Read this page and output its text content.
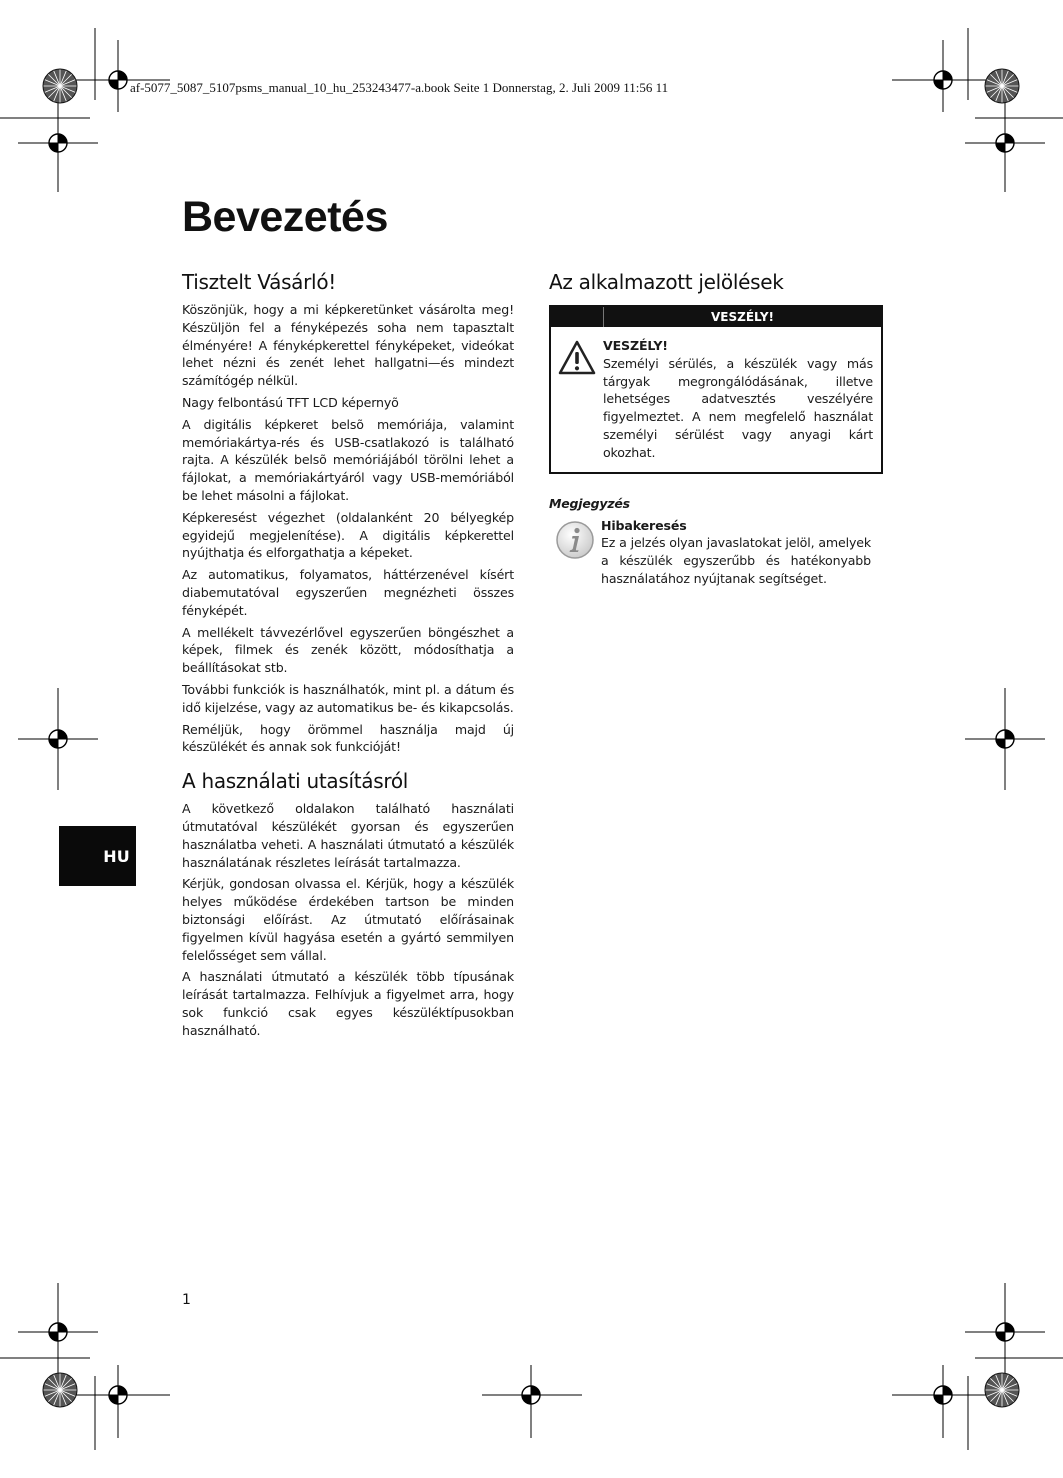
af-5077_5087_5107psms_manual_10_hu_253243477-a.book Seite 1 Donnerstag, 2. Juli 2009 11:56 11
Bevezetés
Tisztelt Vásárló!

Köszönjük, hogy a mi képkeretünket vásárolta meg! Készüljön fel a fényképezés soha nem tapasztalt élményére! A fényképkerettel fényképeket, videókat lehet nézni és zenét lehet hallgatni—és mindezt számítógép nélkül.

Nagy felbontású TFT LCD képernyõ

A digitális képkeret belsõ memóriája, valamint memóriakártya-rés és USB-csatlakozó is található rajta. A készülék belsõ memóriájából törölni lehet a fájlokat, a memóriakártyáról vagy USB-memóriából be lehet másolni a fájlokat.

Képkeresést végezhet (oldalanként 20 bélyegkép egyidejű megjelenítése). A digitális képkerettel nyújthatja és elforgathatja a képeket.

Az automatikus, folyamatos, háttérzenével kísért diabemutatóval egyszerűen megnézheti összes fényképét.

A mellékelt távvezérlővel egyszerűen böngészhet a képek, filmek és zenék között, módosíthatja a beállításokat stb.

További funkciók is használhatók, mint pl. a dátum és idő kijelzése, vagy az automatikus be- és kikapcsolás.

Reméljük, hogy örömmel használja majd új készülékét és annak sok funkcióját!

A használati utasításról

A következő oldalakon található használati útmutatóval készülékét gyorsan és egyszerűen használatba veheti. A használati útmutató a készülék használatának részletes leírását tartalmazza.

Kérjük, gondosan olvassa el. Kérjük, hogy a készülék helyes működése érdekében tartson be minden biztonsági előírást. Az útmutató előírásainak figyelmen kívül hagyása esetén a gyártó semmilyen felelősséget sem vállal.

A használati útmutató a készülék több típusának leírását tartalmazza. Felhívjuk a figyelmet arra, hogy sok funkció csak egyes készüléktípusokban használható.

Az alkalmazott jelölések
VESZÉLY!

VESZÉLY!

Személyi sérülés, a készülék vagy más tárgyak megrongálódásának, illetve lehetséges adatvesztés veszélyére figyelmeztet. A nem megfelelő használat személyi sérülést vagy anyagi kárt okozhat.

Megjegyzés

Hibakeresés

Ez a jelzés olyan javaslatokat jelöl, amelyek a készülék egyszerűbb és hatékonyabb használatához nyújtanak segítséget.

HU
1
